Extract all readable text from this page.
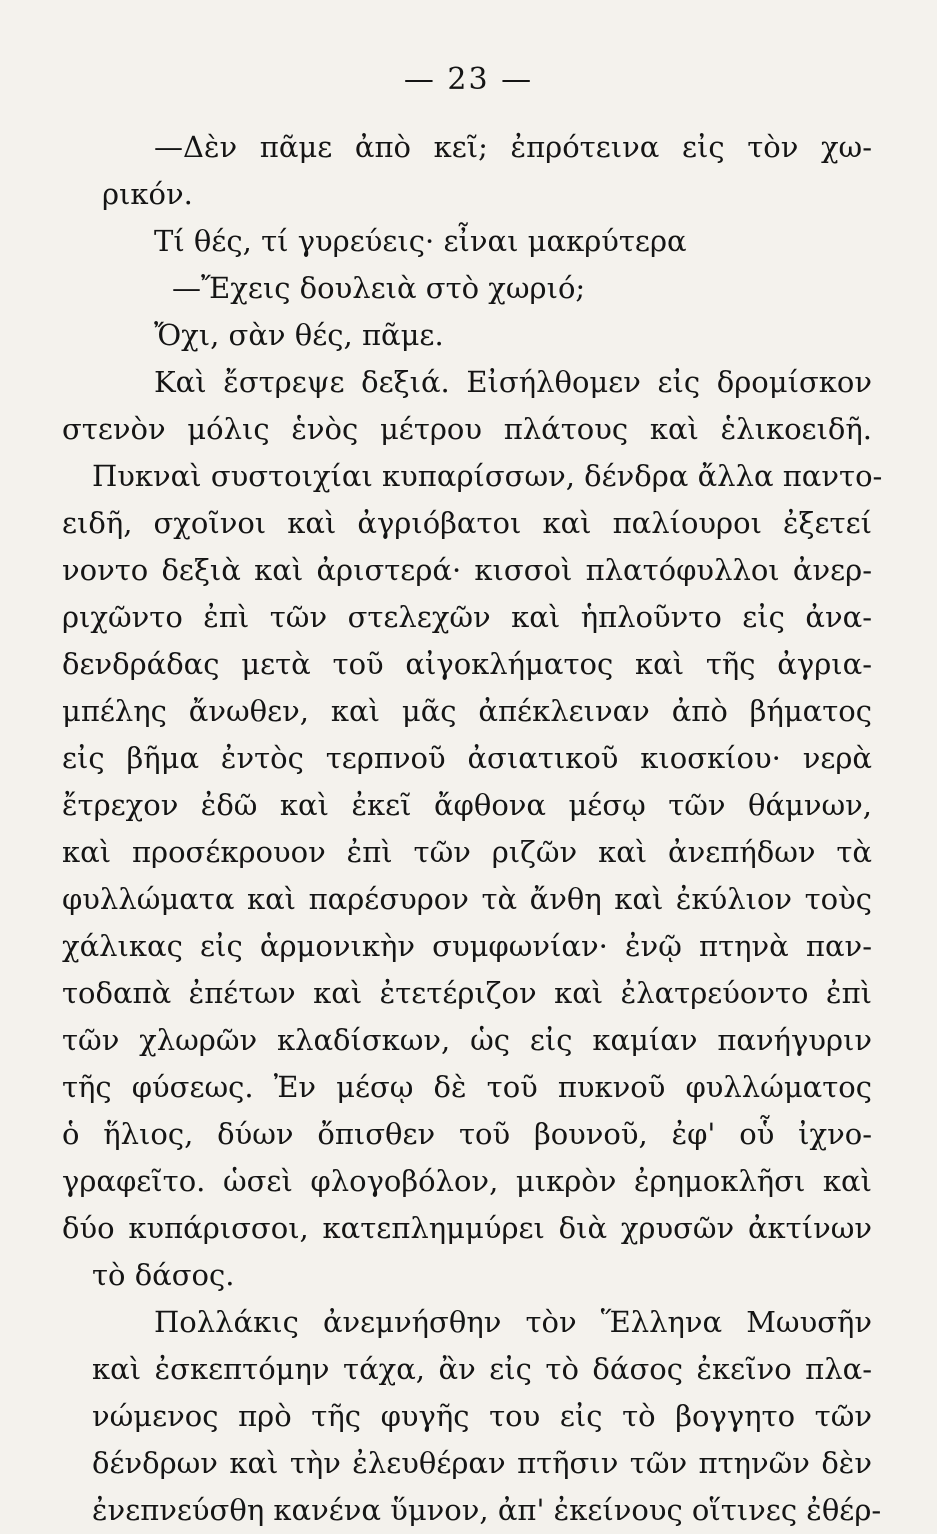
— 23 —
—Δὲν πᾶμε ἀπὸ κεῖ; ἐπρότεινα εἰς τὸν χω-
ρικόν.
Τί θές, τί γυρεύεις· εἶναι μακρύτερα
—Ἔχεις δουλειὰ στὸ χωριό;
Ὄχι, σὰν θές, πᾶμε.
Καὶ ἔστρεψε δεξιά. Εἰσήλθομεν εἰς δρομίσκον
στενὸν μόλις ἑνὸς μέτρου πλάτους καὶ ἑλικοειδῆ.
Πυκναὶ συστοιχίαι κυπαρίσσων, δένδρα ἄλλα παντο-
ειδῆ, σχοῖνοι καὶ ἀγριόβατοι καὶ παλίουροι ἐξετεί
νοντο δεξιὰ καὶ ἀριστερά· κισσοὶ πλατόφυλλοι ἀνερ-
ριχῶντο ἐπὶ τῶν στελεχῶν καὶ ἡπλοῦντο εἰς ἀνα-
δενδράδας μετὰ τοῦ αἰγοκλήματος καὶ τῆς ἀγρια-
μπέλης ἄνωθεν, καὶ μᾶς ἀπέκλειναν ἀπὸ βήματος
εἰς βῆμα ἐντὸς τερπνοῦ ἀσιατικοῦ κιοσκίου· νερὰ
ἔτρεχον ἐδῶ καὶ ἐκεῖ ἄφθονα μέσῳ τῶν θάμνων,
καὶ προσέκρουον ἐπὶ τῶν ριζῶν καὶ ἀνεπήδων τὰ
φυλλώματα καὶ παρέσυρον τὰ ἄνθη καὶ ἐκύλιον τοὺς
χάλικας εἰς ἁρμονικὴν συμφωνίαν· ἐνῷ πτηνὰ παν-
τοδαπὰ ἐπέτων καὶ ἐτετέριζον καὶ ἐλατρεύοντο ἐπὶ
τῶν χλωρῶν κλαδίσκων, ὡς εἰς καμίαν πανήγυριν
τῆς φύσεως. Ἐν μέσῳ δὲ τοῦ πυκνοῦ φυλλώματος
ὁ ἥλιος, δύων ὄπισθεν τοῦ βουνοῦ, ἐφ' οὗ ἰχνο-
γραφεῖτο. ὡσεὶ φλογοβόλον, μικρὸν ἐρημοκλῆσι καὶ
δύο κυπάρισσοι, κατεπλημμύρει διὰ χρυσῶν ἀκτίνων
τὸ δάσος.
Πολλάκις ἀνεμνήσθην τὸν Ἕλληνα Μωυσῆν
καὶ ἐσκεπτόμην τάχα, ἂν εἰς τὸ δάσος ἐκεῖνο πλα-
νώμενος πρὸ τῆς φυγῆς του εἰς τὸ βογγητο τῶν
δένδρων καὶ τὴν ἐλευθέραν πτῆσιν τῶν πτηνῶν δὲν
ἐνεπνεύσθη κανένα ὕμνον, ἀπ' ἐκείνους οἵτινες ἐθέρ-
